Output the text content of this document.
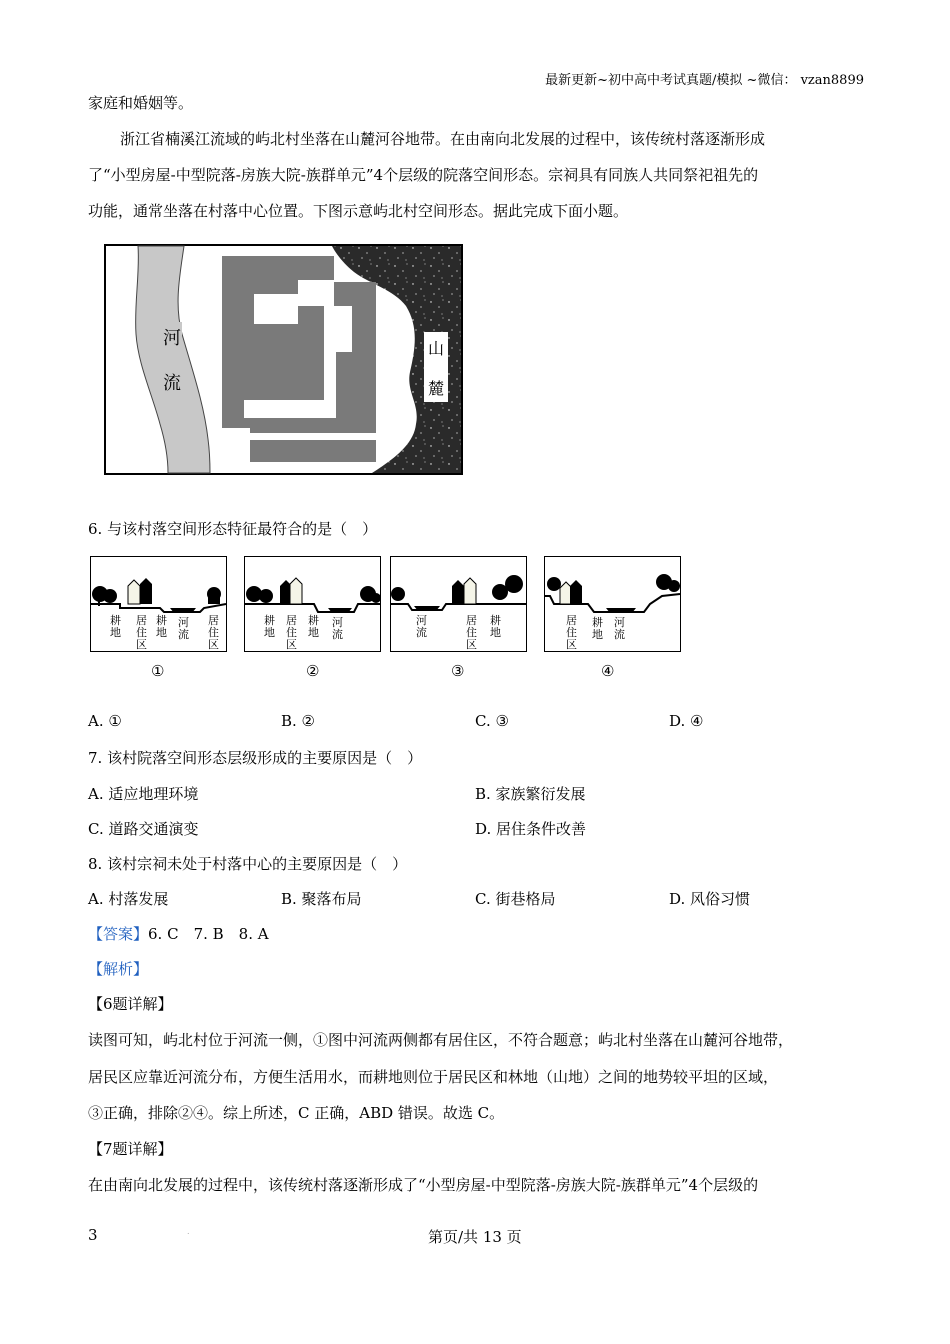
最新更新~初中高中考试真题/模拟 ~微信： vzan8899
家庭和婚姻等。
浙江省楠溪江流域的屿北村坐落在山麓河谷地带。在由南向北发展的过程中，该传统村落逐渐形成
了“小型房屋-中型院落-房族大院-族群单元”4个层级的院落空间形态。宗祠具有同族人共同祭祀祖先的
功能，通常坐落在村落中心位置。下图示意屿北村空间形态。据此完成下面小题。
河
流
山
麓
6. 与该村落空间形态特征最符合的是（　）
耕地
居住区
耕地
河流
居住区
①
耕地
居住区
耕地
河流
②
河流
居住区
耕地
③
居住区
耕地
河流
④
A. ①	B. ②	C. ③	D. ④
7. 该村院落空间形态层级形成的主要原因是（　）
A. 适应地理环境	B. 家族繁衍发展
C. 道路交通演变	D. 居住条件改善
8. 该村宗祠未处于村落中心的主要原因是（　）
A. 村落发展	B. 聚落布局	C. 街巷格局	D. 风俗习惯
【答案】6. C　7. B　8. A
【解析】
【6题详解】
读图可知，屿北村位于河流一侧，①图中河流两侧都有居住区，不符合题意；屿北村坐落在山麓河谷地带，
居民区应靠近河流分布，方便生活用水，而耕地则位于居民区和林地（山地）之间的地势较平坦的区域，
③正确，排除②④。综上所述，C 正确，ABD 错误。故选 C。
【7题详解】
在由南向北发展的过程中，该传统村落逐渐形成了“小型房屋-中型院落-房族大院-族群单元”4个层级的
3	.	第页/共 13 页
